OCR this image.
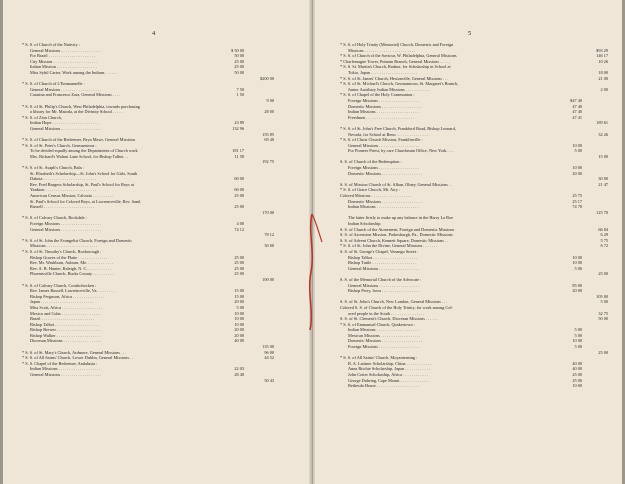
4
* S. S. of Church of the Nativity :
General Missions . . . . . . . . . . . . . . . . . . .	$ 50 00
For Brazil . . . . . . . . . . . . . . . . . . . . . .	50 00
City Mission . . . . . . . . . . . . . . . . . . . . .	25 00
Italian Mission . . . . . . . . . . . . . . . . . . .	25 00
Miss Sybil Carter, Work among the Indians . . . . . .	50 00
$200 00
* S. S. of Church of L'Emmanuelle :
General Missions . . . . . . . . . . . . . . . . . . .	7 50
Catarina and Francesco Zara, General Missions . . . .	1 50
9 00
* S. S. of St. Philip's Church, West Philadelphia, towards purchasing
a library for Mr. Matoda, at the Divinity School . . . . .	28 00
* S. S. of Zion Church,
Indian Hope . . . . . . . . . . . . . . . . . . . . . .	23 89
General Missions . . . . . . . . . . . . . . . . . . .	132 96
155 85
* S. S. of Church of the Redeemer, Bryn Mawr, General Missions	69 40
* S. S. of St. Peter's Church, Germantown :
To be divided equally among the Departments of Church work	181 17
Mrs. Richard's Walnut Lane School, for Bishop Talbot . .	11 58
192 75
* S. S. of St. Asaph's Church, Bala :
St. Elizabeth's Scholarship—St. John's School for Girls, South
Dakota . . . . . . . . . . . . . . . . . . . . . . . . .	60 00
Rev. Fred Burgess Scholarship, St. Paul's School for Boys at
Yankton . . . . . . . . . . . . . . . . . . . . . . . .	60 00
American Census Mission, Calcutta . . . . . . . . . .	25 00
St. Paul's School for Colored Boys, at Lawrenceville, Rev. Saml.
Russell . . . . . . . . . . . . . . . . . . . . . . . .	25 00
170 00
* S. S. of Calvary Church, Rockdale :
Foreign Missions . . . . . . . . . . . . . . . . . . .	4 00
General Missions . . . . . . . . . . . . . . . . . . .	74 12
78 12
* S. S. of St. John the Evangelist Church, Foreign and Domestic
Missions . . . . . . . . . . . . . . . . . . . . . . . .	30 00
* S. S. of St. Timothy's Church, Roxborough :
Bishop Graves of the Platte . . . . . . . . . . . . . .	25 00
Rev. Mr. Washburn, Auburn, Me. . . . . . . . . . . . .	25 00
Rev. A. B. Hunter, Raleigh, N. C. . . . . . . . . . . .	25 00
Phoenixville Church, Bucks County . . . . . . . . . .	25 00
100 00
* S. S. of Calvary Church, Conshohocken :
Rev. James Russell, Lawrenceville, Va. . . . . . . . .	15 00
Bishop Ferguson, Africa . . . . . . . . . . . . . . .	15 00
Japan . . . . . . . . . . . . . . . . . . . . . . . . .	20 00
Miss Scott, Africa . . . . . . . . . . . . . . . . . . .	5 00
Mexico and Cuba . . . . . . . . . . . . . . . . . . .	10 00
Brazil . . . . . . . . . . . . . . . . . . . . . . . . .	10 00
Bishop Talbot . . . . . . . . . . . . . . . . . . . . .	10 00
Bishop Brewer . . . . . . . . . . . . . . . . . . . . .	20 00
Bishop Walker . . . . . . . . . . . . . . . . . . . . .	20 00
Diocesan Missions . . . . . . . . . . . . . . . . . .	40 00
135 00
* S. S. of St. Mary's Church, Ardmore, General Missions . . .	96 00
* S. S. of All Saints' Church, Lower Dublin, General Missions . .	44 52
* S. S. Chapel of the Redeemer, Andalusia :
Indian Missions . . . . . . . . . . . . . . . . . . . .	22 03
General Missions . . . . . . . . . . . . . . . . . . .	28 40
50 43
5
* S. S. of Holy Trinity (Memorial) Church, Domestic and Foreign
Missions . . . . . . . . . . . . . . . . . . . . . . . .	$93 29
* S. S. of Church of the Saviour, W. Philadelphia, General Missions	146 17
* Charlemagne Tower, Putnam Branch, General Missions . . . . .	10 26
* S. S. St. Martin's Church, Radnor, for Scholarship in School at
Tokio, Japan . . . . . . . . . . . . . . . . . . . . . .	18 00
* S. S. of St. James' Church, Hestonville, General Missions . . .	21 00
* S. S. of St. Michael's Church, Germantown, St. Margaret's Branch,
Junior Auxiliary Indian Missions . . . . . . . . . . . .	2 00
* S. S. of Chapel of the Holy Communion :
Foreign Missions . . . . . . . . . . . . . . . . . . .	$47 40
Domestic Missions . . . . . . . . . . . . . . . . . . .	47 40
Indian Missions . . . . . . . . . . . . . . . . . . . .	47 40
Freedmen . . . . . . . . . . . . . . . . . . . . . . .	47 41
189 61
* S. S. of St. John's Free Church, Frankford Road, Bishop Leonard,
Nevada, for School at Reno . . . . . . . . . . . . . . .	32 26
* S. S. of Christ Church Mission, Franklinville :
General Missions . . . . . . . . . . . . . . . . . . .	10 00
For Pioneer Priest, by care Churchman Office, New York. . . .	5 00
15 00
S. S. of Church of the Redemption :
Foreign Missions . . . . . . . . . . . . . . . . . . .	10 00
Domestic Missions . . . . . . . . . . . . . . . . . . .	20 00
30 00
S. S. of Mission Church of St. Alban, Olney, General Missions . .	21 47
* S. S. of Grace Church, Mt. Airy :
Colored Missions . . . . . . . . . . . . . . . . . . .	25 75
Domestic Missions . . . . . . . . . . . . . . . . . . .	25 17
Indian Missions . . . . . . . . . . . . . . . . . . . .	74 78
125 70
The latter firstly to make up any balance in the Harry La Roe
Indian Scholarship.
S. S. of Church of the Atonement, Foreign and Domestic Missions	66 84
S. S. of Ascension Mission, Parkesburgh, Pa., Domestic Missions	6 29
S. S. of Advent Church, Kennett Square, Domestic Missions . .	5 75
* S. S. of St. John the Divine, General Missions . . . . . . .	6 72
S. S. of St. George's Chapel, Venango Street :
Bishop Talbot . . . . . . . . . . . . . . . . . . . . .	10 00
Bishop Tuttle . . . . . . . . . . . . . . . . . . . . .	10 00
General Missions . . . . . . . . . . . . . . . . . . .	5 00
25 00
S. S. of the Memorial Church of the Advocate :
General Missions . . . . . . . . . . . . . . . . . . .	85 00
Bishop Perry, Iowa . . . . . . . . . . . . . . . . . .	20 00
105 00
S. S. of St. John's Church, New London, General Missions . . .	5 00
Colored S. S. of Church of the Holy Trinity, for work among Col-
ored people in the South . . . . . . . . . . . . . . . .	32 75
S. S. of St. Clement's Church, Diocesan Missions . . . . . .	50 00
* S. S. of Emmanuel Church, Quakertown :
Indian Missions . . . . . . . . . . . . . . . . . . . .	5 00
Mexican Missions . . . . . . . . . . . . . . . . . . .	5 00
Domestic Missions . . . . . . . . . . . . . . . . . . .	10 00
Foreign Missions . . . . . . . . . . . . . . . . . . .	5 00
25 00
* S. S. of All Saints' Church, Moyamensing :
B. A. Latimer Scholarship, China . . . . . . . . . . . .	40 00
Anna Ritchie Scholarship, Japan . . . . . . . . . . . .	40 00
John Cotter Scholarship, Africa . . . . . . . . . . . .	25 00
George Duhring, Cape Mount . . . . . . . . . . . . . .	25 00
Bethesda House . . . . . . . . . . . . . . . . . . . .	10 00
